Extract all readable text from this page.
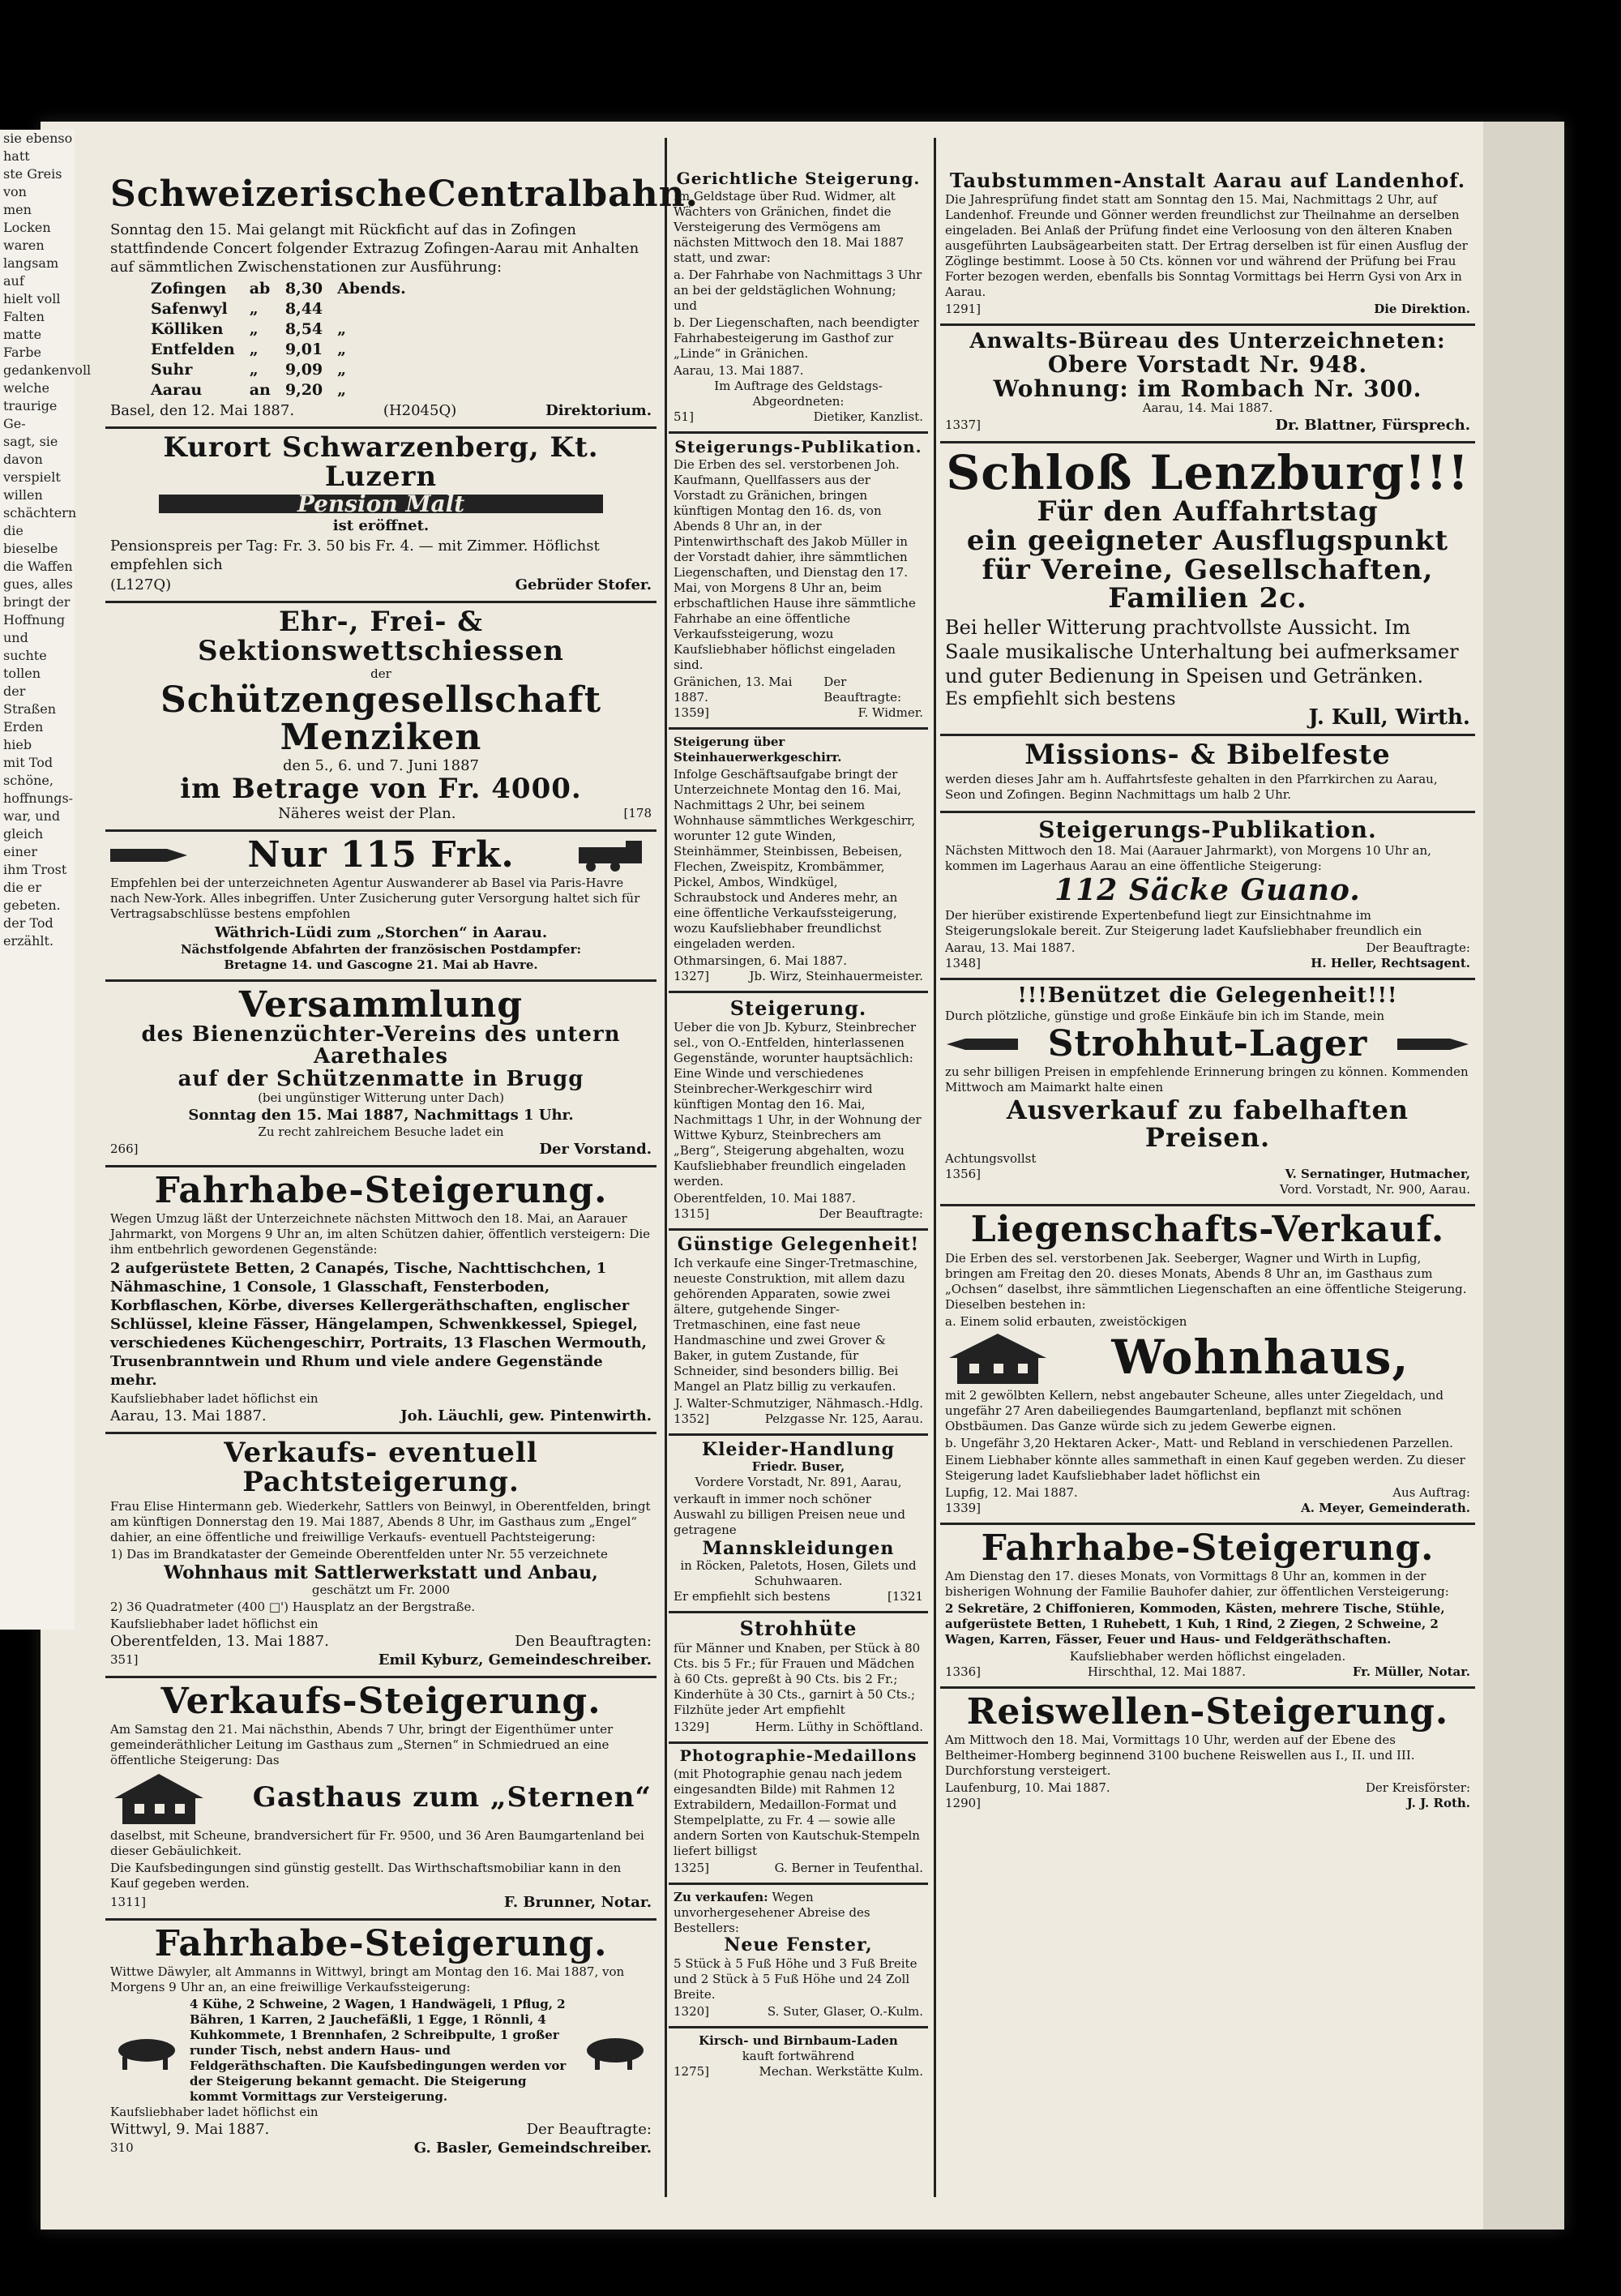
Schweizerische Centralbahn.

Sonntag den 15. Mai gelangt mit Rückficht auf das in Zofingen stattfindende Concert folgender Extrazug Zofingen-Aarau mit Anhalten auf sämmtlichen Zwischenstationen zur Ausführung:

Zofingen	ab	8,30	Abends.
Safenwyl	„	8,44	
Kölliken	„	8,54	„
Entfelden	„	9,01	„
Suhr	„	9,09	„
Aarau	an	9,20	„
Basel, den 12. Mai 1887.	(H2045Q)	Direktorium.
Kurort Schwarzenberg, Kt. Luzern
Pension Malt
ist eröffnet.

Pensionspreis per Tag: Fr. 3. 50 bis Fr. 4. — mit Zimmer. Höflichst empfehlen sich

(L127Q)	Gebrüder Stofer.
Ehr-, Frei- & Sektionswettschiessen
der
Schützengesellschaft Menziken
den 5., 6. und 7. Juni 1887
im Betrage von Fr. 4000.
Näheres weist der Plan.	[178
Nur 115 Frk.

Empfehlen bei der unterzeichneten Agentur Auswanderer ab Basel via Paris-Havre nach New-York. Alles inbegriffen. Unter Zusicherung guter Versorgung haltet sich für Vertragsabschlüsse bestens empfohlen

Wäthrich-Lüdi zum „Storchen“ in Aarau.
Nächstfolgende Abfahrten der französischen Postdampfer:
Bretagne 14. und Gascogne 21. Mai ab Havre.
Versammlung
des Bienenzüchter-Vereins des untern Aarethales
auf der Schützenmatte in Brugg
(bei ungünstiger Witterung unter Dach)
Sonntag den 15. Mai 1887, Nachmittags 1 Uhr.
Zu recht zahlreichem Besuche ladet ein
266]	Der Vorstand.
Fahrhabe-Steigerung.

Wegen Umzug läßt der Unterzeichnete nächsten Mittwoch den 18. Mai, an Aarauer Jahrmarkt, von Morgens 9 Uhr an, im alten Schützen dahier, öffentlich versteigern: Die ihm entbehrlich gewordenen Gegenstände:

2 aufgerüstete Betten, 2 Canapés, Tische, Nachttischchen, 1 Nähmaschine, 1 Console, 1 Glasschaft, Fensterboden, Korbflaschen, Körbe, diverses Kellergeräthschaften, englischer Schlüssel, kleine Fässer, Hängelampen, Schwenkkessel, Spiegel, verschiedenes Küchengeschirr, Portraits, 13 Flaschen Wermouth, Trusenbranntwein und Rhum und viele andere Gegenstände mehr.

Kaufsliebhaber ladet höflichst ein
Aarau, 13. Mai 1887.	Joh. Läuchli, gew. Pintenwirth.
Verkaufs- eventuell Pachtsteigerung.

Frau Elise Hintermann geb. Wiederkehr, Sattlers von Beinwyl, in Oberentfelden, bringt am künftigen Donnerstag den 19. Mai 1887, Abends 8 Uhr, im Gasthaus zum „Engel“ dahier, an eine öffentliche und freiwillige Verkaufs- eventuell Pachtsteigerung:

1) Das im Brandkataster der Gemeinde Oberentfelden unter Nr. 55 verzeichnete

Wohnhaus mit Sattlerwerkstatt und Anbau,
geschätzt um Fr. 2000

2) 36 Quadratmeter (400 □') Hausplatz an der Bergstraße.

Kaufsliebhaber ladet höflichst ein
Oberentfelden, 13. Mai 1887.	Den Beauftragten:
351]	Emil Kyburz, Gemeindeschreiber.
Verkaufs-Steigerung.

Am Samstag den 21. Mai nächsthin, Abends 7 Uhr, bringt der Eigenthümer unter gemeinderäthlicher Leitung im Gasthaus zum „Sternen“ in Schmiedrued an eine öffentliche Steigerung: Das

Gasthaus zum „Sternen“

daselbst, mit Scheune, brandversichert für Fr. 9500, und 36 Aren Baumgartenland bei dieser Gebäulichkeit.

Die Kaufsbedingungen sind günstig gestellt. Das Wirthschaftsmobiliar kann in den Kauf gegeben werden.

1311]	F. Brunner, Notar.
Fahrhabe-Steigerung.

Wittwe Däwyler, alt Ammanns in Wittwyl, bringt am Montag den 16. Mai 1887, von Morgens 9 Uhr an, an eine freiwillige Verkaufssteigerung:

4 Kühe, 2 Schweine, 2 Wagen, 1 Handwägeli, 1 Pflug, 2 Bähren, 1 Karren, 2 Jauchefäßli, 1 Egge, 1 Rönnli, 4 Kuhkommete, 1 Brennhafen, 2 Schreibpulte, 1 großer runder Tisch, nebst andern Haus- und Feldgeräthschaften. Die Kaufsbedingungen werden vor der Steigerung bekannt gemacht. Die Steigerung kommt Vormittags zur Versteigerung.

Kaufsliebhaber ladet höflichst ein
Wittwyl, 9. Mai 1887.	Der Beauftragte:
310	G. Basler, Gemeindschreiber.
Gerichtliche Steigerung.

Im Geldstage über Rud. Widmer, alt Wächters von Gränichen, findet die Versteigerung des Vermögens am nächsten Mittwoch den 18. Mai 1887 statt, und zwar:

a. Der Fahrhabe von Nachmittags 3 Uhr an bei der geldstäglichen Wohnung; und

b. Der Liegenschaften, nach beendigter Fahrhabesteigerung im Gasthof zur „Linde“ in Gränichen.

Aarau, 13. Mai 1887.
Im Auftrage des Geldstags-Abgeordneten:
51]	Dietiker, Kanzlist.
Steigerungs-Publikation.

Die Erben des sel. verstorbenen Joh. Kaufmann, Quellfassers aus der Vorstadt zu Gränichen, bringen künftigen Montag den 16. ds, von Abends 8 Uhr an, in der Pintenwirthschaft des Jakob Müller in der Vorstadt dahier, ihre sämmtlichen Liegenschaften, und Dienstag den 17. Mai, von Morgens 8 Uhr an, beim erbschaftlichen Hause ihre sämmtliche Fahrhabe an eine öffentliche Verkaufssteigerung, wozu Kaufsliebhaber höflichst eingeladen sind.

Gränichen, 13. Mai 1887.
Der Beauftragte:
1359]	F. Widmer.
Steigerung über Steinhauerwerkgeschirr.

Infolge Geschäftsaufgabe bringt der Unterzeichnete Montag den 16. Mai, Nachmittags 2 Uhr, bei seinem Wohnhause sämmtliches Werkgeschirr, worunter 12 gute Winden, Steinhämmer, Steinbissen, Bebeisen, Flechen, Zweispitz, Krombämmer, Pickel, Ambos, Windkügel, Schraubstock und Anderes mehr, an eine öffentliche Verkaufssteigerung, wozu Kaufsliebhaber freundlichst eingeladen werden.

Othmarsingen, 6. Mai 1887.
1327]	Jb. Wirz, Steinhauermeister.
Steigerung.

Ueber die von Jb. Kyburz, Steinbrecher sel., von O.-Entfelden, hinterlassenen Gegenstände, worunter hauptsächlich: Eine Winde und verschiedenes Steinbrecher-Werkgeschirr wird künftigen Montag den 16. Mai, Nachmittags 1 Uhr, in der Wohnung der Wittwe Kyburz, Steinbrechers am „Berg“, Steigerung abgehalten, wozu Kaufsliebhaber freundlich eingeladen werden.

Oberentfelden, 10. Mai 1887.
1315]	Der Beauftragte:
Günstige Gelegenheit!

Ich verkaufe eine Singer-Tretmaschine, neueste Construktion, mit allem dazu gehörenden Apparaten, sowie zwei ältere, gutgehende Singer-Tretmaschinen, eine fast neue Handmaschine und zwei Grover & Baker, in gutem Zustande, für Schneider, sind besonders billig. Bei Mangel an Platz billig zu verkaufen.

J. Walter-Schmutziger, Nähmasch.-Hdlg.
1352]	Pelzgasse Nr. 125, Aarau.
Kleider-Handlung
Friedr. Buser,
Vordere Vorstadt, Nr. 891, Aarau,

verkauft in immer noch schöner Auswahl zu billigen Preisen neue und getragene

Mannskleidungen
in Röcken, Paletots, Hosen, Gilets und Schuhwaaren.
Er empfiehlt sich bestens	[1321
Strohhüte

für Männer und Knaben, per Stück à 80 Cts. bis 5 Fr.; für Frauen und Mädchen à 60 Cts. gepreßt à 90 Cts. bis 2 Fr.; Kinderhüte à 30 Cts., garnirt à 50 Cts.; Filzhüte jeder Art empfiehlt

1329]	Herm. Lüthy in Schöftland.
Photographie-Medaillons

(mit Photographie genau nach jedem eingesandten Bilde) mit Rahmen 12 Extrabildern, Medaillon-Format und Stempelplatte, zu Fr. 4 — sowie alle andern Sorten von Kautschuk-Stempeln liefert billigst

1325]	G. Berner in Teufenthal.
Zu verkaufen: Wegen unvorhergesehener Abreise des Bestellers:
Neue Fenster,

5 Stück à 5 Fuß Höhe und 3 Fuß Breite und 2 Stück à 5 Fuß Höhe und 24 Zoll Breite.

1320]	S. Suter, Glaser, O.-Kulm.
Kirsch- und Birnbaum-Laden
kauft fortwährend
1275]	Mechan. Werkstätte Kulm.
Taubstummen-Anstalt Aarau auf Landenhof.

Die Jahresprüfung findet statt am Sonntag den 15. Mai, Nachmittags 2 Uhr, auf Landenhof. Freunde und Gönner werden freundlichst zur Theilnahme an derselben eingeladen. Bei Anlaß der Prüfung findet eine Verloosung von den älteren Knaben ausgeführten Laubsägearbeiten statt. Der Ertrag derselben ist für einen Ausflug der Zöglinge bestimmt. Loose à 50 Cts. können vor und während der Prüfung bei Frau Forter bezogen werden, ebenfalls bis Sonntag Vormittags bei Herrn Gysi von Arx in Aarau.

1291]	Die Direktion.
Anwalts-Büreau des Unterzeichneten:
Obere Vorstadt Nr. 948.
Wohnung: im Rombach Nr. 300.
Aarau, 14. Mai 1887.
1337]	Dr. Blattner, Fürsprech.
Schloß Lenzburg!!!
Für den Auffahrtstag
ein geeigneter Ausflugspunkt
für Vereine, Gesellschaften,
Familien 2c.

Bei heller Witterung prachtvollste Aussicht. Im Saale musikalische Unterhaltung bei aufmerksamer und guter Bedienung in Speisen und Getränken.

Es empfiehlt sich bestens
J. Kull, Wirth.
Missions- & Bibelfeste

werden dieses Jahr am h. Auffahrtsfeste gehalten in den Pfarrkirchen zu Aarau, Seon und Zofingen. Beginn Nachmittags um halb 2 Uhr.

Steigerungs-Publikation.

Nächsten Mittwoch den 18. Mai (Aarauer Jahrmarkt), von Morgens 10 Uhr an, kommen im Lagerhaus Aarau an eine öffentliche Steigerung:

112 Säcke Guano.

Der hierüber existirende Expertenbefund liegt zur Einsichtnahme im Steigerungslokale bereit. Zur Steigerung ladet Kaufsliebhaber freundlich ein

Aarau, 13. Mai 1887.	Der Beauftragte:
1348]	H. Heller, Rechtsagent.
!!!Benützet die Gelegenheit!!!

Durch plötzliche, günstige und große Einkäufe bin ich im Stande, mein

Strohhut-Lager

zu sehr billigen Preisen in empfehlende Erinnerung bringen zu können. Kommenden Mittwoch am Maimarkt halte einen

Ausverkauf zu fabelhaften Preisen.
Achtungsvollst
1356]	V. Sernatinger, Hutmacher,
Vord. Vorstadt, Nr. 900, Aarau.
Liegenschafts-Verkauf.

Die Erben des sel. verstorbenen Jak. Seeberger, Wagner und Wirth in Lupfig, bringen am Freitag den 20. dieses Monats, Abends 8 Uhr an, im Gasthaus zum „Ochsen“ daselbst, ihre sämmtlichen Liegenschaften an eine öffentliche Steigerung. Dieselben bestehen in:

a. Einem solid erbauten, zweistöckigen
Wohnhaus,

mit 2 gewölbten Kellern, nebst angebauter Scheune, alles unter Ziegeldach, und ungefähr 27 Aren dabeiliegendes Baumgartenland, bepflanzt mit schönen Obstbäumen. Das Ganze würde sich zu jedem Gewerbe eignen.

b. Ungefähr 3,20 Hektaren Acker-, Matt- und Rebland in verschiedenen Parzellen.

Einem Liebhaber könnte alles sammethaft in einen Kauf gegeben werden. Zu dieser Steigerung ladet Kaufsliebhaber ladet höflichst ein

Lupfig, 12. Mai 1887.	Aus Auftrag:
1339]	A. Meyer, Gemeinderath.
Fahrhabe-Steigerung.

Am Dienstag den 17. dieses Monats, von Vormittags 8 Uhr an, kommen in der bisherigen Wohnung der Familie Bauhofer dahier, zur öffentlichen Versteigerung:

2 Sekretäre, 2 Chiffonieren, Kommoden, Kästen, mehrere Tische, Stühle, aufgerüstete Betten, 1 Ruhebett, 1 Kuh, 1 Rind, 2 Ziegen, 2 Schweine, 2 Wagen, Karren, Fässer, Feuer und Haus- und Feldgeräthschaften.

Kaufsliebhaber werden höflichst eingeladen.
1336]	Hirschthal, 12. Mai 1887.	Fr. Müller, Notar.
Reiswellen-Steigerung.

Am Mittwoch den 18. Mai, Vormittags 10 Uhr, werden auf der Ebene des Beltheimer-Homberg beginnend 3100 buchene Reiswellen aus I., II. und III. Durchforstung versteigert.

Laufenburg, 10. Mai 1887.	Der Kreisförster:
1290]	J. J. Roth.
sie ebenso hatt
ste Greis von
men Locken waren
langsam auf
hielt voll Falten
matte Farbe
gedankenvoll
welche
traurige Ge-
sagt, sie
davon
verspielt
willen
schächtern
die bieselbe
die Waffen
gues, alles
bringt der
Hoffnung
und suchte
tollen
der Straßen
Erden
hieb
mit Tod
schöne,
hoffnungs-
war, und
gleich einer
ihm Trost
die er
gebeten.
der Tod
erzählt.
